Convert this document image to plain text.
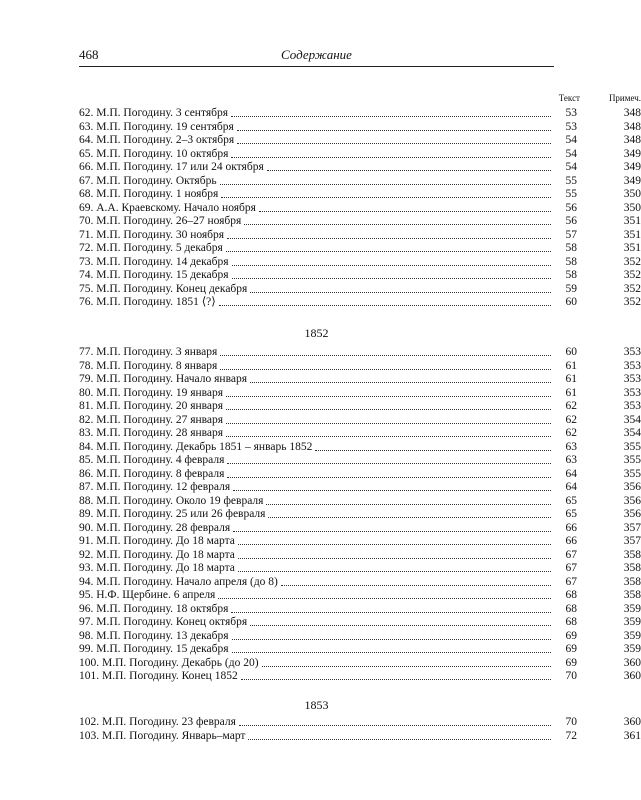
468	Содержание
Текст	Примеч.
62. М.П. Погодину. 3 сентября	53	348
63. М.П. Погодину. 19 сентября	53	348
64. М.П. Погодину. 2–3 октября	54	348
65. М.П. Погодину. 10 октября	54	349
66. М.П. Погодину. 17 или 24 октября	54	349
67. М.П. Погодину. Октябрь	55	349
68. М.П. Погодину. 1 ноября	55	350
69. А.А. Краевскому. Начало ноября	56	350
70. М.П. Погодину. 26–27 ноября	56	351
71. М.П. Погодину. 30 ноября	57	351
72. М.П. Погодину. 5 декабря	58	351
73. М.П. Погодину. 14 декабря	58	352
74. М.П. Погодину. 15 декабря	58	352
75. М.П. Погодину. Конец декабря	59	352
76. М.П. Погодину. 1851 ⟨?⟩	60	352
1852
77. М.П. Погодину. 3 января	60	353
78. М.П. Погодину. 8 января	61	353
79. М.П. Погодину. Начало января	61	353
80. М.П. Погодину. 19 января	61	353
81. М.П. Погодину. 20 января	62	353
82. М.П. Погодину. 27 января	62	354
83. М.П. Погодину. 28 января	62	354
84. М.П. Погодину. Декабрь 1851 – январь 1852	63	355
85. М.П. Погодину. 4 февраля	63	355
86. М.П. Погодину. 8 февраля	64	355
87. М.П. Погодину. 12 февраля	64	356
88. М.П. Погодину. Около 19 февраля	65	356
89. М.П. Погодину. 25 или 26 февраля	65	356
90. М.П. Погодину. 28 февраля	66	357
91. М.П. Погодину. До 18 марта	66	357
92. М.П. Погодину. До 18 марта	67	358
93. М.П. Погодину. До 18 марта	67	358
94. М.П. Погодину. Начало апреля (до 8)	67	358
95. Н.Ф. Щербине. 6 апреля	68	358
96. М.П. Погодину. 18 октября	68	359
97. М.П. Погодину. Конец октября	68	359
98. М.П. Погодину. 13 декабря	69	359
99. М.П. Погодину. 15 декабря	69	359
100. М.П. Погодину. Декабрь (до 20)	69	360
101. М.П. Погодину. Конец 1852	70	360
1853
102. М.П. Погодину. 23 февраля	70	360
103. М.П. Погодину. Январь–март	72	361
